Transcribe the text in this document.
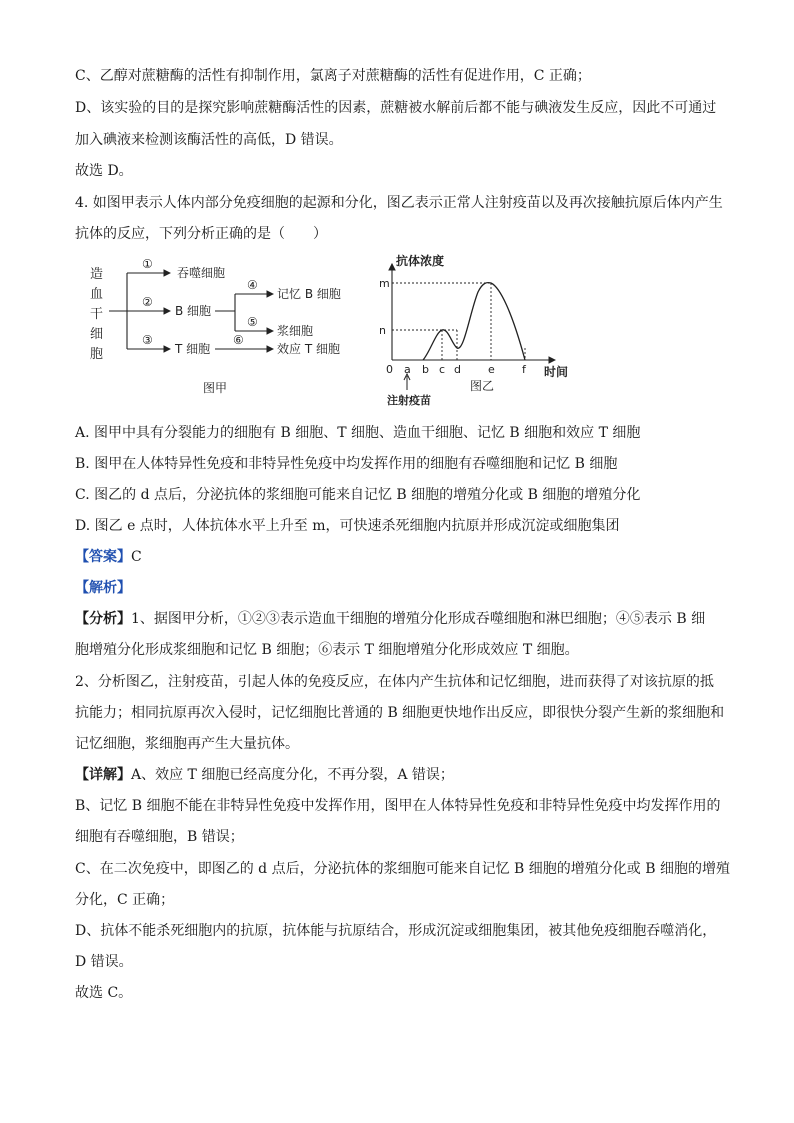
C、乙醇对蔗糖酶的活性有抑制作用，氯离子对蔗糖酶的活性有促进作用，C 正确；
D、该实验的目的是探究影响蔗糖酶活性的因素，蔗糖被水解前后都不能与碘液发生反应，因此不可通过
加入碘液来检测该酶活性的高低，D 错误。
故选 D。
4. 如图甲表示人体内部分免疫细胞的起源和分化，图乙表示正常人注射疫苗以及再次接触抗原后体内产生
抗体的反应，下列分析正确的是（　　）
造
血
干
细
胞
①
②
③
④
⑤
⑥
吞噬细胞
B 细胞
T 细胞
记忆 B 细胞
浆细胞
效应 T 细胞
图甲
抗体浓度
时间
0
m
n
a b c d e f
注射疫苗
图乙
A. 图甲中具有分裂能力的细胞有 B 细胞、T 细胞、造血干细胞、记忆 B 细胞和效应 T 细胞
B. 图甲在人体特异性免疫和非特异性免疫中均发挥作用的细胞有吞噬细胞和记忆 B 细胞
C. 图乙的 d 点后，分泌抗体的浆细胞可能来自记忆 B 细胞的增殖分化或 B 细胞的增殖分化
D. 图乙 e 点时，人体抗体水平上升至 m，可快速杀死细胞内抗原并形成沉淀或细胞集团
【答案】C
【解析】
【分析】1、据图甲分析，①②③表示造血干细胞的增殖分化形成吞噬细胞和淋巴细胞；④⑤表示 B 细
胞增殖分化形成浆细胞和记忆 B 细胞；⑥表示 T 细胞增殖分化形成效应 T 细胞。
2、分析图乙，注射疫苗，引起人体的免疫反应，在体内产生抗体和记忆细胞，进而获得了对该抗原的抵
抗能力；相同抗原再次入侵时，记忆细胞比普通的 B 细胞更快地作出反应，即很快分裂产生新的浆细胞和
记忆细胞，浆细胞再产生大量抗体。
【详解】A、效应 T 细胞已经高度分化，不再分裂，A 错误；
B、记忆 B 细胞不能在非特异性免疫中发挥作用，图甲在人体特异性免疫和非特异性免疫中均发挥作用的
细胞有吞噬细胞，B 错误；
C、在二次免疫中，即图乙的 d 点后，分泌抗体的浆细胞可能来自记忆 B 细胞的增殖分化或 B 细胞的增殖
分化，C 正确；
D、抗体不能杀死细胞内的抗原，抗体能与抗原结合，形成沉淀或细胞集团，被其他免疫细胞吞噬消化，
D 错误。
故选 C。
